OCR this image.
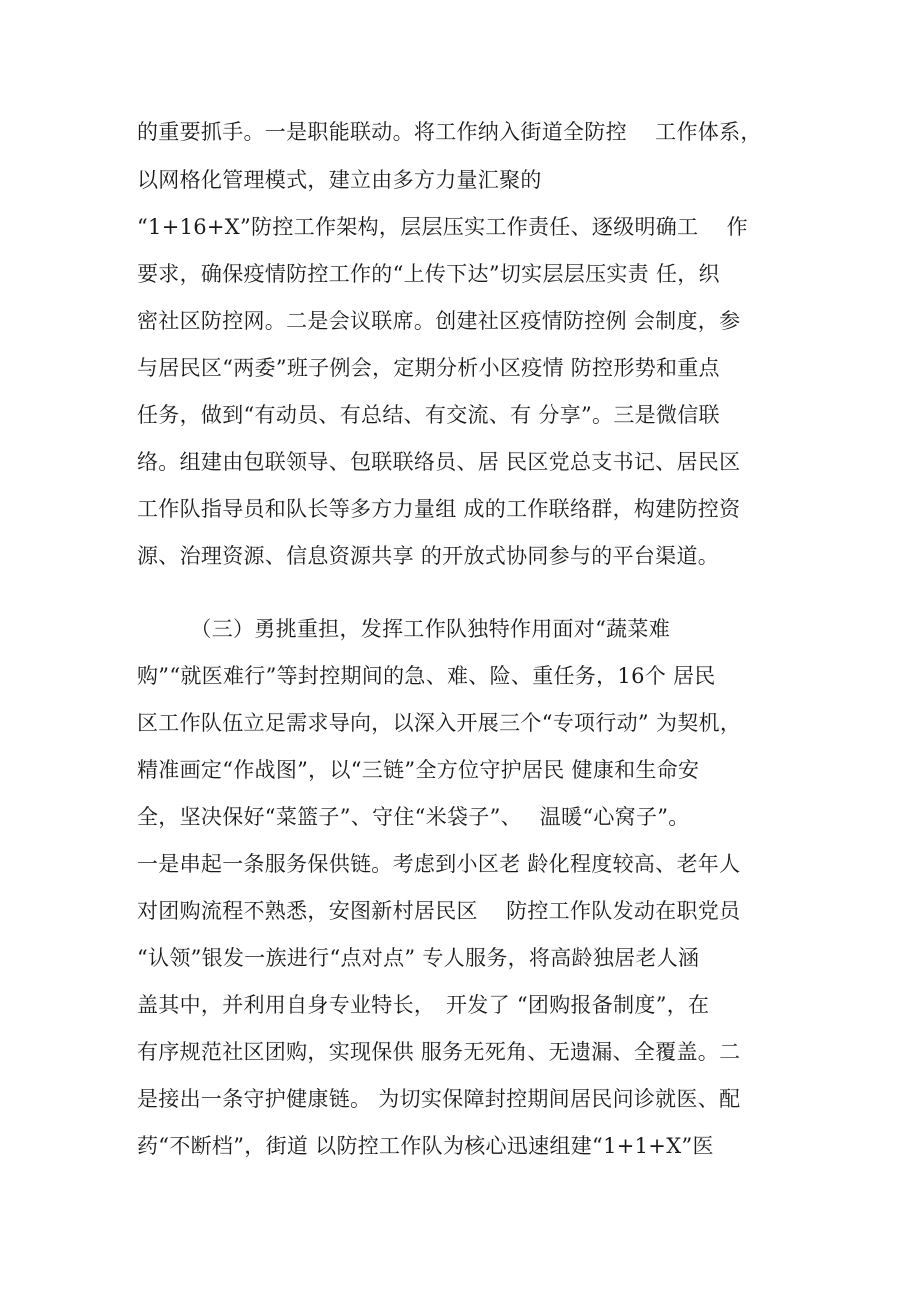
的重要抓手。一是职能联动。将工作纳入街道全防控　 工作体系，
以网格化管理模式，建立由多方力量汇聚的
“1+16+X”防控工作架构，层层压实工作责任、逐级明确工　 作
要求，确保疫情防控工作的“上传下达”切实层层压实责 任，织
密社区防控网。二是会议联席。创建社区疫情防控例 会制度，参
与居民区“两委”班子例会，定期分析小区疫情 防控形势和重点
任务，做到“有动员、有总结、有交流、有 分享”。三是微信联
络。组建由包联领导、包联联络员、居 民区党总支书记、居民区
工作队指导员和队长等多方力量组 成的工作联络群，构建防控资
源、治理资源、信息资源共享 的开放式协同参与的平台渠道。
　　　（三）勇挑重担，发挥工作队独特作用面对“蔬菜难
购”“就医难行”等封控期间的急、难、险、重任务，16个 居民
区工作队伍立足需求导向，以深入开展三个“专项行动” 为契机，
精准画定“作战图”，以“三链”全方位守护居民 健康和生命安
全，坚决保好“菜篮子”、守住“米袋子”、　 温暖“心窝子”。
一是串起一条服务保供链。考虑到小区老 龄化程度较高、老年人
对团购流程不熟悉，安图新村居民区　 防控工作队发动在职党员
“认领”银发一族进行“点对点” 专人服务，将高龄独居老人涵
盖其中，并利用自身专业特长，　开发了 “团购报备制度”，在
有序规范社区团购，实现保供 服务无死角、无遗漏、全覆盖。二
是接出一条守护健康链。 为切实保障封控期间居民问诊就医、配
药“不断档”，街道 以防控工作队为核心迅速组建“1+1+X”医
